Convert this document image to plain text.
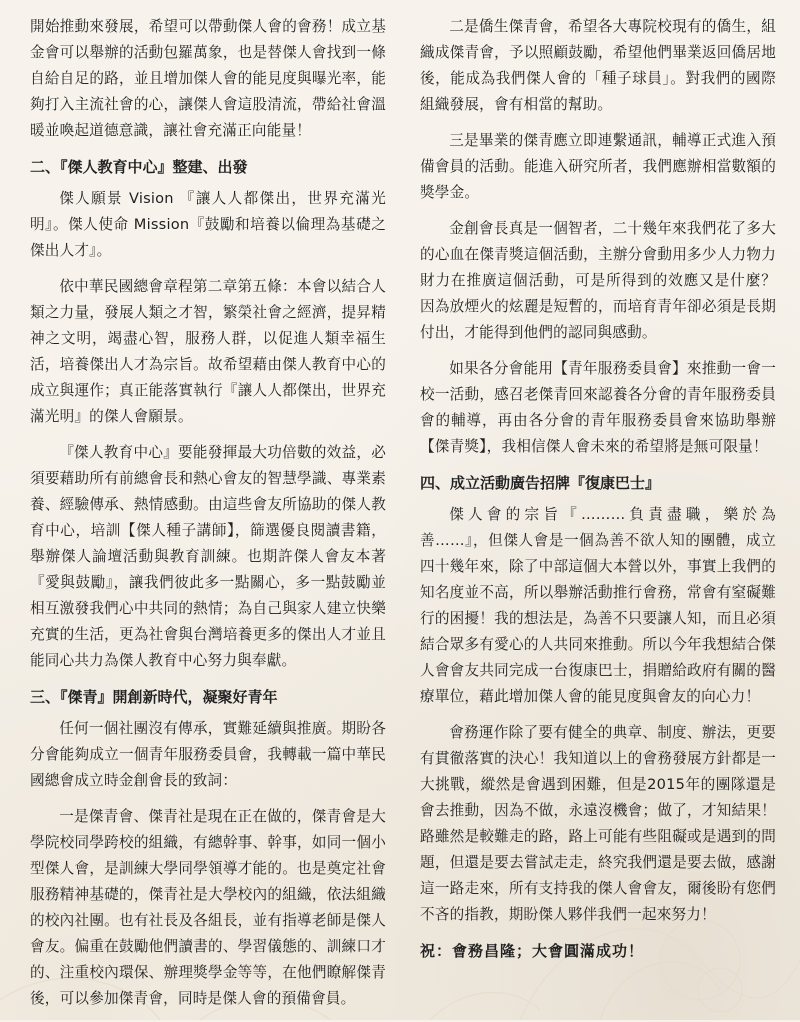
開始推動來發展，希望可以帶動傑人會的會務！成立基金會可以舉辦的活動包羅萬象，也是替傑人會找到一條自給自足的路，並且增加傑人會的能見度與曝光率，能夠打入主流社會的心，讓傑人會這股清流，帶給社會溫暖並喚起道德意識，讓社會充滿正向能量！

二、『傑人教育中心』整建、出發

傑人願景 Vision 『讓人人都傑出，世界充滿光明』。傑人使命 Mission『鼓勵和培養以倫理為基礎之傑出人才』。

依中華民國總會章程第二章第五條：本會以結合人類之力量，發展人類之才智，繁榮社會之經濟，提昇精神之文明，竭盡心智，服務人群，以促進人類幸福生活，培養傑出人才為宗旨。故希望藉由傑人教育中心的成立與運作；真正能落實執行『讓人人都傑出，世界充滿光明』的傑人會願景。

『傑人教育中心』要能發揮最大功倍數的效益，必須要藉助所有前總會長和熱心會友的智慧學識、專業素養、經驗傳承、熱情感動。由這些會友所協助的傑人教育中心，培訓【傑人種子講師】，篩選優良閱讀書籍，舉辦傑人論壇活動與教育訓練。也期許傑人會友本著『愛與鼓勵』，讓我們彼此多一點關心，多一點鼓勵並相互激發我們心中共同的熱情；為自己與家人建立快樂充實的生活，更為社會與台灣培養更多的傑出人才並且能同心共力為傑人教育中心努力與奉獻。

三、『傑青』開創新時代，凝聚好青年

任何一個社團沒有傳承，實難延續與推廣。期盼各分會能夠成立一個青年服務委員會，我轉載一篇中華民國總會成立時金創會長的致詞：

一是傑青會、傑青社是現在正在做的，傑青會是大學院校同學跨校的組織，有總幹事、幹事，如同一個小型傑人會，是訓練大學同學領導才能的。也是奠定社會服務精神基礎的，傑青社是大學校內的組織，依法組織的校內社團。也有社長及各組長，並有指導老師是傑人會友。偏重在鼓勵他們讀書的、學習儀態的、訓練口才的、注重校內環保、辦理獎學金等等，在他們瞭解傑青後，可以參加傑青會，同時是傑人會的預備會員。

二是僑生傑青會，希望各大專院校現有的僑生，組織成傑青會，予以照顧鼓勵，希望他們畢業返回僑居地後，能成為我們傑人會的「種子球員」。對我們的國際組織發展，會有相當的幫助。

三是畢業的傑青應立即連繫通訊，輔導正式進入預備會員的活動。能進入研究所者，我們應辦相當數額的獎學金。

金創會長真是一個智者，二十幾年來我們花了多大的心血在傑青獎這個活動，主辦分會動用多少人力物力財力在推廣這個活動，可是所得到的效應又是什麼？ 因為放煙火的炫麗是短暫的，而培育青年卻必須是長期付出，才能得到他們的認同與感動。

如果各分會能用【青年服務委員會】來推動一會一校一活動，感召老傑青回來認養各分會的青年服務委員會的輔導，再由各分會的青年服務委員會來協助舉辦【傑青獎】，我相信傑人會未來的希望將是無可限量！

四、成立活動廣告招牌『復康巴士』

傑人會的宗旨『………負責盡職，樂於為善……』，但傑人會是一個為善不欲人知的團體，成立四十幾年來，除了中部這個大本營以外，事實上我們的知名度並不高，所以舉辦活動推行會務，常會有窒礙難行的困擾！我的想法是，為善不只要讓人知，而且必須結合眾多有愛心的人共同來推動。所以今年我想結合傑人會會友共同完成一台復康巴士，捐贈給政府有關的醫療單位，藉此增加傑人會的能見度與會友的向心力！

會務運作除了要有健全的典章、制度、辦法，更要有貫徹落實的決心！我知道以上的會務發展方針都是一大挑戰，縱然是會遇到困難，但是2015年的團隊還是會去推動，因為不做，永遠沒機會；做了，才知結果！路雖然是較難走的路，路上可能有些阻礙或是遇到的問題，但還是要去嘗試走走，終究我們還是要去做，感謝這一路走來，所有支持我的傑人會會友，爾後盼有您們不吝的指教，期盼傑人夥伴我們一起來努力！

祝：會務昌隆；大會圓滿成功！
